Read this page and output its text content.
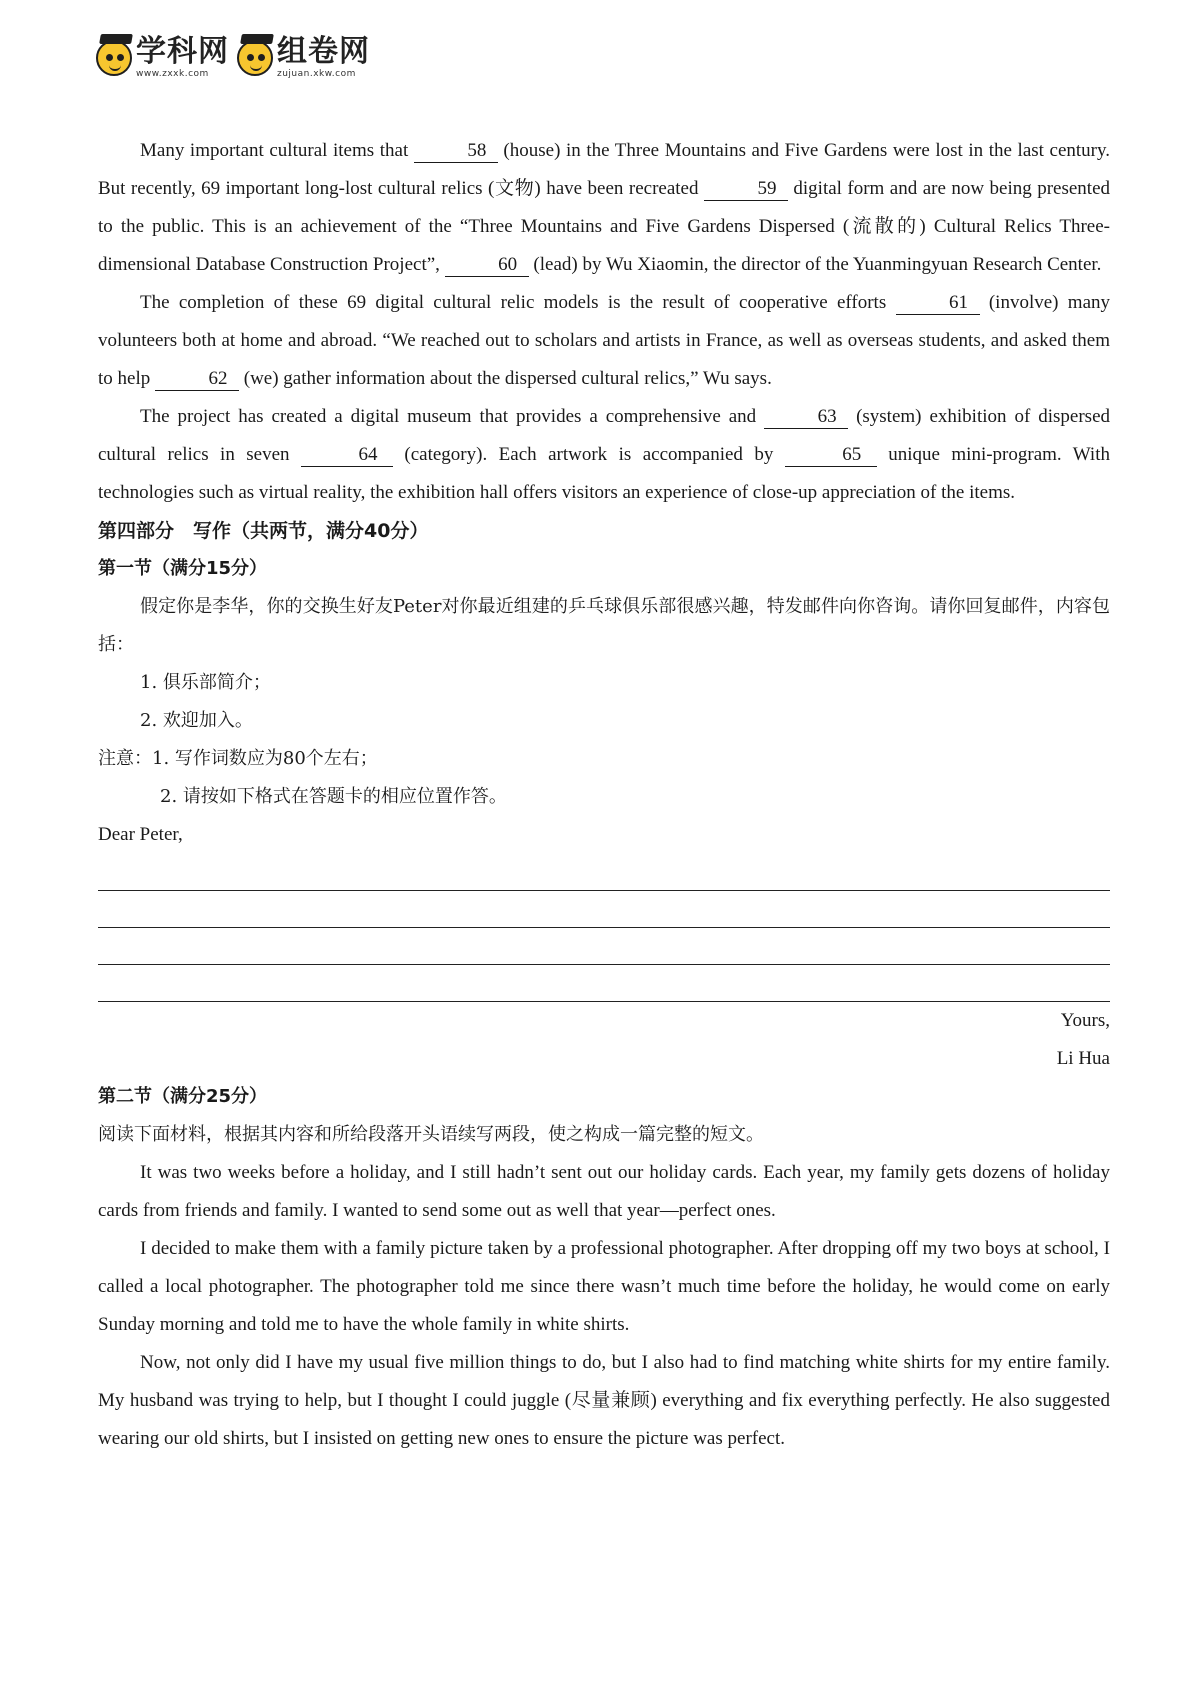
学科网
www.zxxk.com
组卷网
zujuan.xkw.com

Many important cultural items that	58 (house) in the Three Mountains and Five Gardens were lost in the last century. But recently, 69 important long-lost cultural relics (文物) have been recreated	59 digital form and are now being presented to the public. This is an achievement of the “Three Mountains and Five Gardens Dispersed (流散的) Cultural Relics Three-dimensional Database Construction Project”,	60 (lead) by Wu Xiaomin, the director of the Yuanmingyuan Research Center.

The completion of these 69 digital cultural relic models is the result of cooperative efforts	61 (involve) many volunteers both at home and abroad. “We reached out to scholars and artists in France, as well as overseas students, and asked them to help	62 (we) gather information about the dispersed cultural relics,” Wu says.

The project has created a digital museum that provides a comprehensive and	63 (system) exhibition of dispersed cultural relics in seven	64 (category). Each artwork is accompanied by	65 unique mini-program. With technologies such as virtual reality, the exhibition hall offers visitors an experience of close-up appreciation of the items.

第四部分　写作（共两节，满分40分）
第一节（满分15分）

假定你是李华，你的交换生好友Peter对你最近组建的乒乓球俱乐部很感兴趣，特发邮件向你咨询。请你回复邮件，内容包括：

1. 俱乐部简介；
2. 欢迎加入。
注意：1. 写作词数应为80个左右；
2. 请按如下格式在答题卡的相应位置作答。
Dear Peter,
Yours,
Li Hua
第二节（满分25分）
阅读下面材料，根据其内容和所给段落开头语续写两段，使之构成一篇完整的短文。

It was two weeks before a holiday, and I still hadn’t sent out our holiday cards. Each year, my family gets dozens of holiday cards from friends and family. I wanted to send some out as well that year—perfect ones.

I decided to make them with a family picture taken by a professional photographer. After dropping off my two boys at school, I called a local photographer. The photographer told me since there wasn’t much time before the holiday, he would come on early Sunday morning and told me to have the whole family in white shirts.

Now, not only did I have my usual five million things to do, but I also had to find matching white shirts for my entire family. My husband was trying to help, but I thought I could juggle (尽量兼顾) everything and fix everything perfectly. He also suggested wearing our old shirts, but I insisted on getting new ones to ensure the picture was perfect.
